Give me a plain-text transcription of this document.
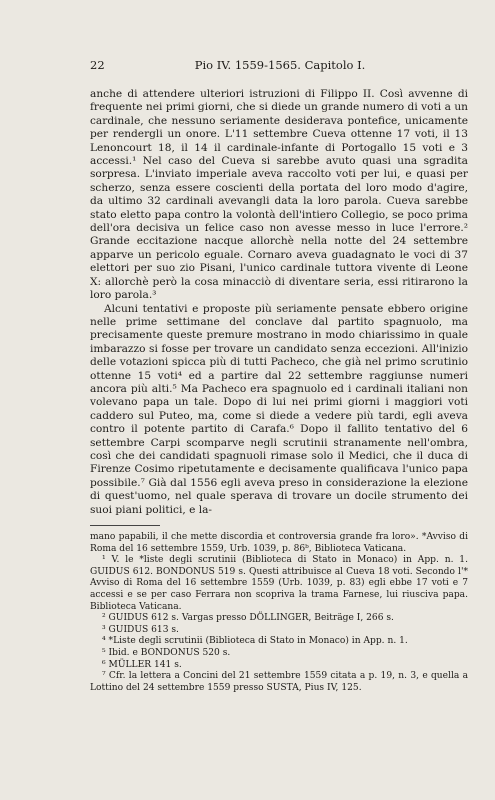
22	Pio IV. 1559-1565. Capitolo I.

anche di attendere ulteriori istruzioni di Filippo II. Così avvenne di frequente nei primi giorni, che si diede un grande numero di voti a un cardinale, che nessuno seriamente desiderava pontefice, unicamente per rendergli un onore. L'11 settembre Cueva ottenne 17 voti, il 13 Lenoncourt 18, il 14 il cardinale-infante di Portogallo 15 voti e 3 accessi.¹ Nel caso del Cueva si sarebbe avuto quasi una sgradita sorpresa. L'inviato imperiale aveva raccolto voti per lui, e quasi per scherzo, senza essere coscienti della portata del loro modo d'agire, da ultimo 32 cardinali avevangli data la loro parola. Cueva sarebbe stato eletto papa contro la volontà dell'intiero Collegio, se poco prima dell'ora decisiva un felice caso non avesse messo in luce l'errore.² Grande eccitazione nacque allorchè nella notte del 24 settembre apparve un pericolo eguale. Cornaro aveva guadagnato le voci di 37 elettori per suo zio Pisani, l'unico cardinale tuttora vivente di Leone X: allorchè però la cosa minacciò di diventare seria, essi ritirarono la loro parola.³

Alcuni tentativi e proposte più seriamente pensate ebbero origine nelle prime settimane del conclave dal partito spagnuolo, ma precisamente queste premure mostrano in modo chiarissimo in quale imbarazzo si fosse per trovare un candidato senza eccezioni. All'inizio delle votazioni spicca più di tutti Pacheco, che già nel primo scrutinio ottenne 15 voti⁴ ed a partire dal 22 settembre raggiunse numeri ancora più alti.⁵ Ma Pacheco era spagnuolo ed i cardinali italiani non volevano papa un tale. Dopo di lui nei primi giorni i maggiori voti caddero sul Puteo, ma, come si diede a vedere più tardi, egli aveva contro il potente partito di Carafa.⁶ Dopo il fallito tentativo del 6 settembre Carpi scomparve negli scrutinii stranamente nell'ombra, così che dei candidati spagnuoli rimase solo il Medici, che il duca di Firenze Cosimo ripetutamente e decisamente qualificava l'unico papa possibile.⁷ Già dal 1556 egli aveva preso in considerazione la elezione di quest'uomo, nel quale sperava di trovare un docile strumento dei suoi piani politici, e la-

mano papabili, il che mette discordia et controversia grande fra loro». *Avviso di Roma del 16 settembre 1559, Urb. 1039, p. 86ᵇ, Biblioteca Vaticana.

¹ V. le *liste degli scrutinii (Biblioteca di Stato in Monaco) in App. n. 1. GUIDUS 612. BONDONUS 519 s. Questi attribuisce al Cueva 18 voti. Secondo l'* Avviso di Roma del 16 settembre 1559 (Urb. 1039, p. 83) egli ebbe 17 voti e 7 accessi e se per caso Ferrara non scopriva la trama Farnese, lui riusciva papa. Biblioteca Vaticana.

² GUIDUS 612 s. Vargas presso DÖLLINGER, Beiträge I, 266 s.

³ GUIDUS 613 s.

⁴ *Liste degli scrutinii (Biblioteca di Stato in Monaco) in App. n. 1.

⁵ Ibid. e BONDONUS 520 s.

⁶ MÜLLER 141 s.

⁷ Cfr. la lettera a Concini del 21 settembre 1559 citata a p. 19, n. 3, e quella a Lottino del 24 settembre 1559 presso SUSTA, Pius IV, 125.
